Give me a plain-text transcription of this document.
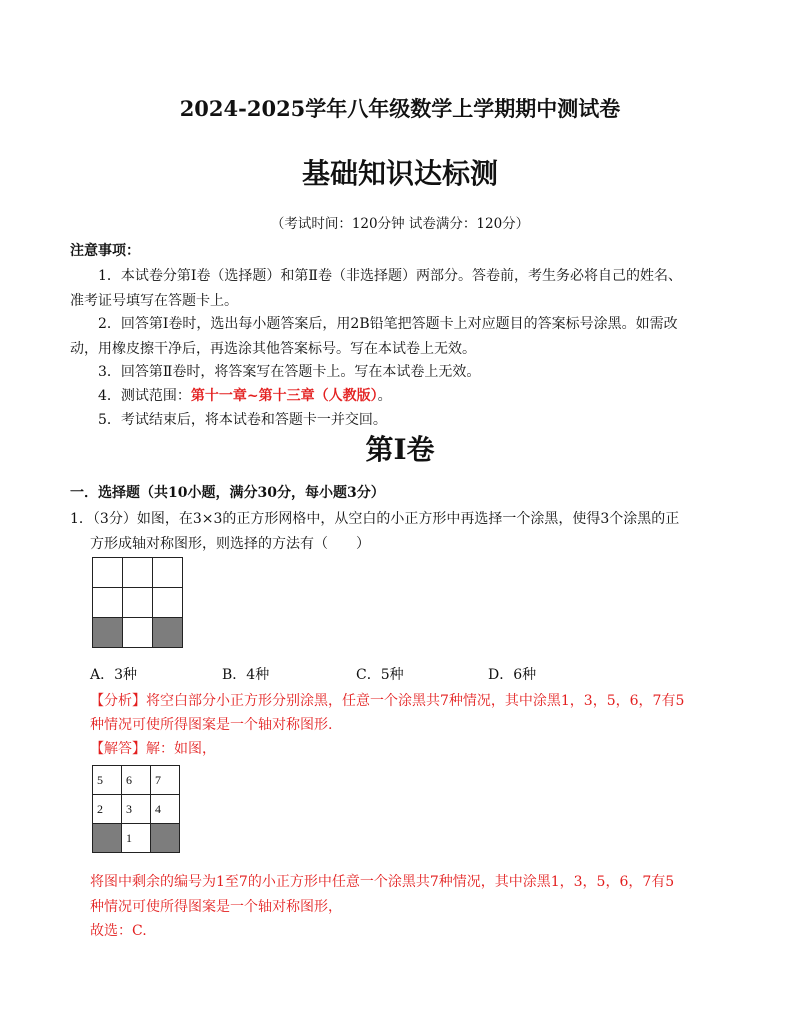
2024-2025学年八年级数学上学期期中测试卷
基础知识达标测
（考试时间：120分钟 试卷满分：120分）
注意事项：
1．本试卷分第Ⅰ卷（选择题）和第Ⅱ卷（非选择题）两部分。答卷前，考生务必将自己的姓名、
准考证号填写在答题卡上。
2．回答第Ⅰ卷时，选出每小题答案后，用2B铅笔把答题卡上对应题目的答案标号涂黑。如需改
动，用橡皮擦干净后，再选涂其他答案标号。写在本试卷上无效。
3．回答第Ⅱ卷时，将答案写在答题卡上。写在本试卷上无效。
4．测试范围：第十一章~第十三章（人教版）。
5．考试结束后，将本试卷和答题卡一并交回。
第Ⅰ卷
一．选择题（共10小题，满分30分，每小题3分）
1．（3分）如图，在3×3的正方形网格中，从空白的小正方形中再选择一个涂黑，使得3个涂黑的正
方形成轴对称图形，则选择的方法有（　　）

A．3种	B．4种	C．5种	D．6种
【分析】将空白部分小正方形分别涂黑，任意一个涂黑共7种情况，其中涂黑1，3，5，6，7有5
种情况可使所得图案是一个轴对称图形.
【解答】解：如图，
5	6	7
2	3	4
	1	
将图中剩余的编号为1至7的小正方形中任意一个涂黑共7种情况，其中涂黑1，3，5，6，7有5
种情况可使所得图案是一个轴对称图形，
故选：C.
